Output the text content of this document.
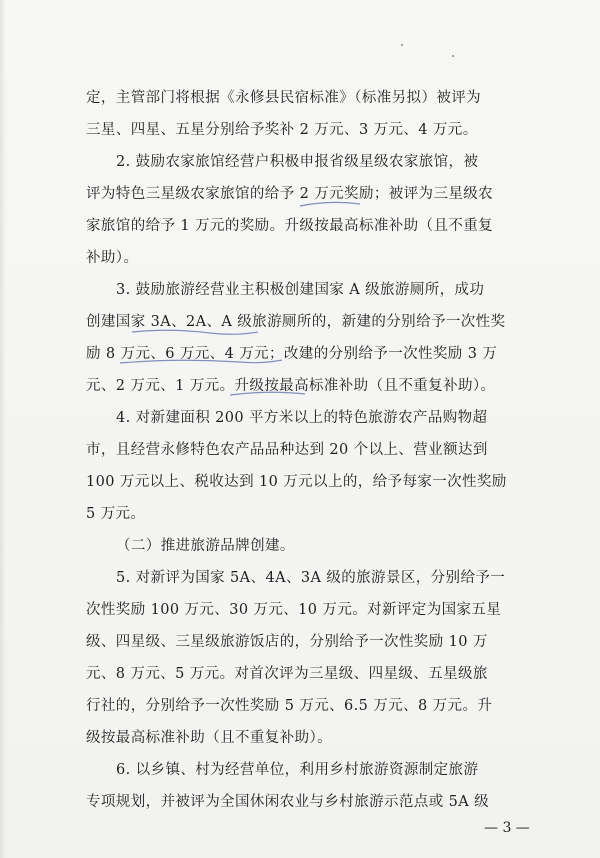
定，主管部门将根据《永修县民宿标准》（标准另拟）被评为
三星、四星、五星分别给予奖补 2 万元、3 万元、4 万元。
2. 鼓励农家旅馆经营户积极申报省级星级农家旅馆，被
评为特色三星级农家旅馆的给予 2 万元奖励；被评为三星级农
家旅馆的给予 1 万元的奖励。升级按最高标准补助（且不重复
补助）。
3. 鼓励旅游经营业主积极创建国家 A 级旅游厕所，成功
创建国家 3A、2A、A 级旅游厕所的，新建的分别给予一次性奖
励 8 万元、6 万元、4 万元；改建的分别给予一次性奖励 3 万
元、2 万元、1 万元。升级按最高标准补助（且不重复补助）。
4. 对新建面积 200 平方米以上的特色旅游农产品购物超
市，且经营永修特色农产品品种达到 20 个以上、营业额达到
100 万元以上、税收达到 10 万元以上的，给予每家一次性奖励
5 万元。
（二）推进旅游品牌创建。
5. 对新评为国家 5A、4A、3A 级的旅游景区，分别给予一
次性奖励 100 万元、30 万元、10 万元。对新评定为国家五星
级、四星级、三星级旅游饭店的，分别给予一次性奖励 10 万
元、8 万元、5 万元。对首次评为三星级、四星级、五星级旅
行社的，分别给予一次性奖励 5 万元、6.5 万元、8 万元。升
级按最高标准补助（且不重复补助）。
6. 以乡镇、村为经营单位，利用乡村旅游资源制定旅游
专项规划，并被评为全国休闲农业与乡村旅游示范点或 5A 级
— 3 —
